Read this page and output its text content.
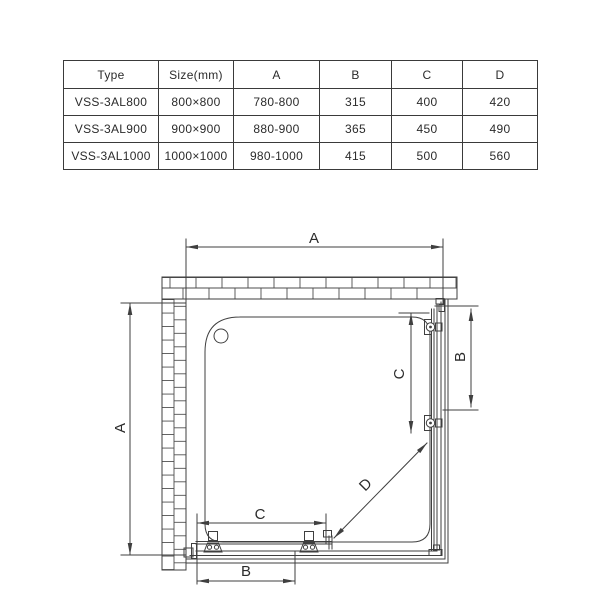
Type	Size(mm)	A	B	C	D
VSS-3AL800	800×800	780-800	315	400	420
VSS-3AL900	900×900	880-900	365	450	490
VSS-3AL1000	1000×1000	980-1000	415	500	560
A
A
C
B
D
C
B
